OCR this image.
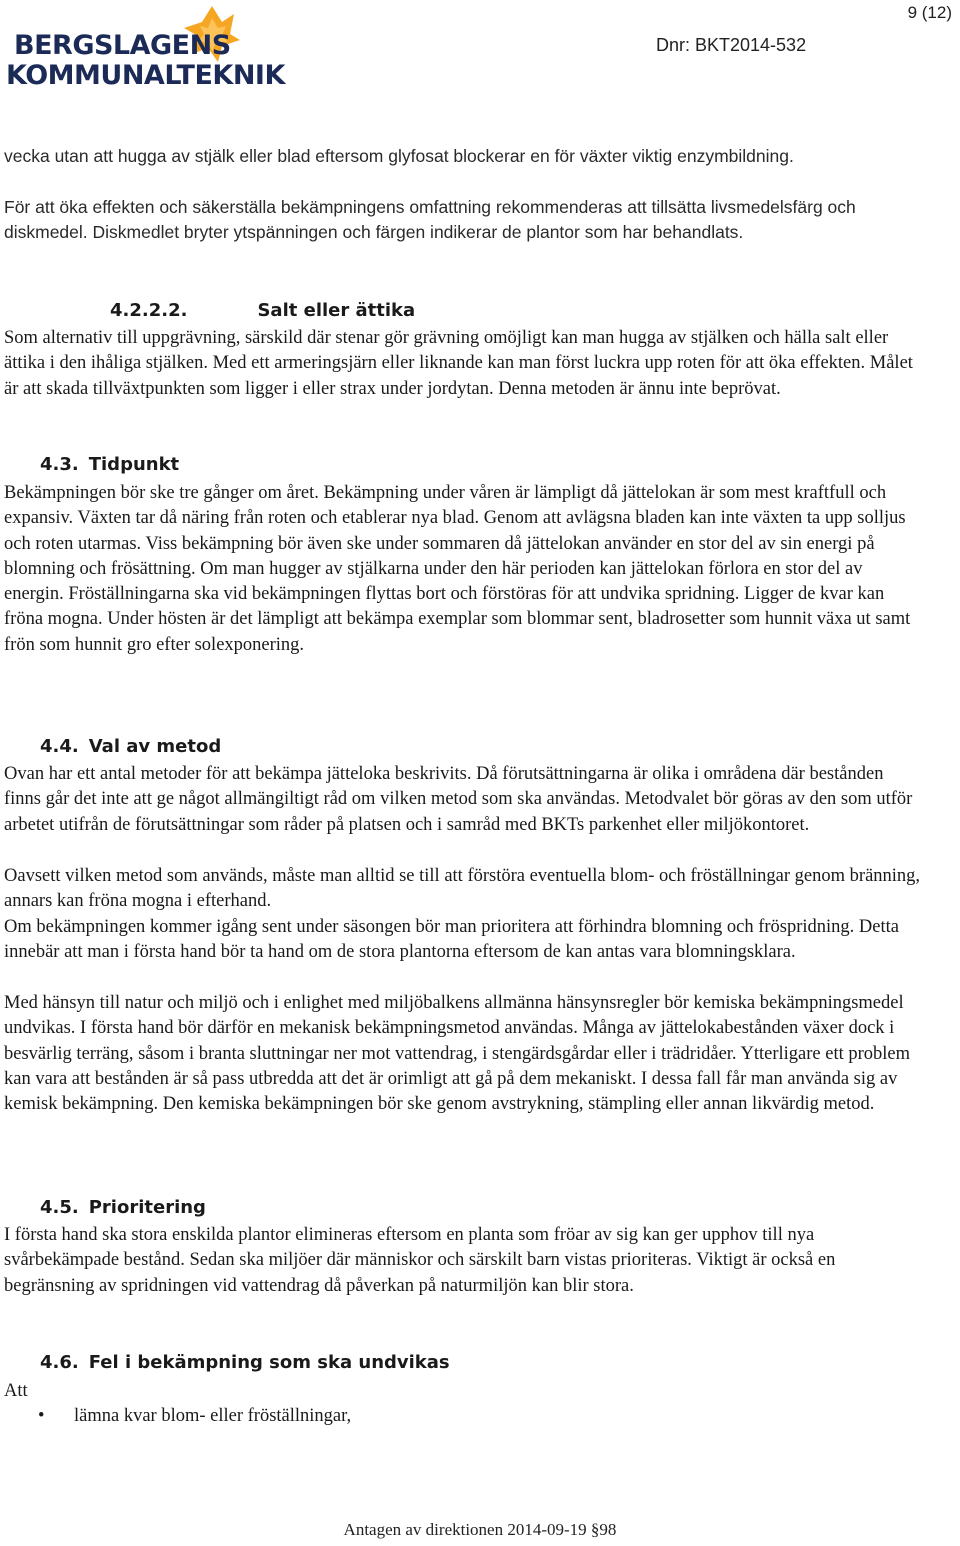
BERGSLAGENS
KOMMUNALTEKNIK
9 (12)
Dnr: BKT2014-532

vecka utan att hugga av stjälk eller blad eftersom glyfosat blockerar en för växter viktig enzymbildning.

För att öka effekten och säkerställa bekämpningens omfattning rekommenderas att tillsätta livsmedelsfärg och diskmedel. Diskmedlet bryter ytspänningen och färgen indikerar de plantor som har behandlats.

4.2.2.2.	Salt eller ättika

Som alternativ till uppgrävning, särskild där stenar gör grävning omöjligt kan man hugga av stjälken och hälla salt eller ättika i den ihåliga stjälken. Med ett armeringsjärn eller liknande kan man först luckra upp roten för att öka effekten. Målet är att skada tillväxtpunkten som ligger i eller strax under jordytan. Denna metoden är ännu inte beprövat.

4.3. Tidpunkt

Bekämpningen bör ske tre gånger om året. Bekämpning under våren är lämpligt då jättelokan är som mest kraftfull och expansiv. Växten tar då näring från roten och etablerar nya blad. Genom att avlägsna bladen kan inte växten ta upp solljus och roten utarmas. Viss bekämpning bör även ske under sommaren då jättelokan använder en stor del av sin energi på blomning och frösättning. Om man hugger av stjälkarna under den här perioden kan jättelokan förlora en stor del av energin. Fröställningarna ska vid bekämpningen flyttas bort och förstöras för att undvika spridning. Ligger de kvar kan fröna mogna. Under hösten är det lämpligt att bekämpa exemplar som blommar sent, bladrosetter som hunnit växa ut samt frön som hunnit gro efter solexponering.

4.4. Val av metod

Ovan har ett antal metoder för att bekämpa jätteloka beskrivits. Då förutsättningarna är olika i områdena där bestånden finns går det inte att ge något allmängiltigt råd om vilken metod som ska användas. Metodvalet bör göras av den som utför arbetet utifrån de förutsättningar som råder på platsen och i samråd med BKTs parkenhet eller miljökontoret.

Oavsett vilken metod som används, måste man alltid se till att förstöra eventuella blom- och fröställningar genom bränning, annars kan fröna mogna i efterhand.

Om bekämpningen kommer igång sent under säsongen bör man prioritera att förhindra blomning och fröspridning. Detta innebär att man i första hand bör ta hand om de stora plantorna eftersom de kan antas vara blomningsklara.

Med hänsyn till natur och miljö och i enlighet med miljöbalkens allmänna hänsynsregler bör kemiska bekämpningsmedel undvikas. I första hand bör därför en mekanisk bekämpningsmetod användas. Många av jättelokabestånden växer dock i besvärlig terräng, såsom i branta sluttningar ner mot vattendrag, i stengärdsgårdar eller i trädridåer. Ytterligare ett problem kan vara att bestånden är så pass utbredda att det är orimligt att gå på dem mekaniskt. I dessa fall får man använda sig av kemisk bekämpning. Den kemiska bekämpningen bör ske genom avstrykning, stämpling eller annan likvärdig metod.

4.5. Prioritering

I första hand ska stora enskilda plantor elimineras eftersom en planta som fröar av sig kan ger upphov till nya svårbekämpade bestånd. Sedan ska miljöer där människor och särskilt barn vistas prioriteras. Viktigt är också en begränsning av spridningen vid vattendrag då påverkan på naturmiljön kan blir stora.

4.6. Fel i bekämpning som ska undvikas

Att

• lämna kvar blom- eller fröställningar,
Antagen av direktionen 2014-09-19 §98
